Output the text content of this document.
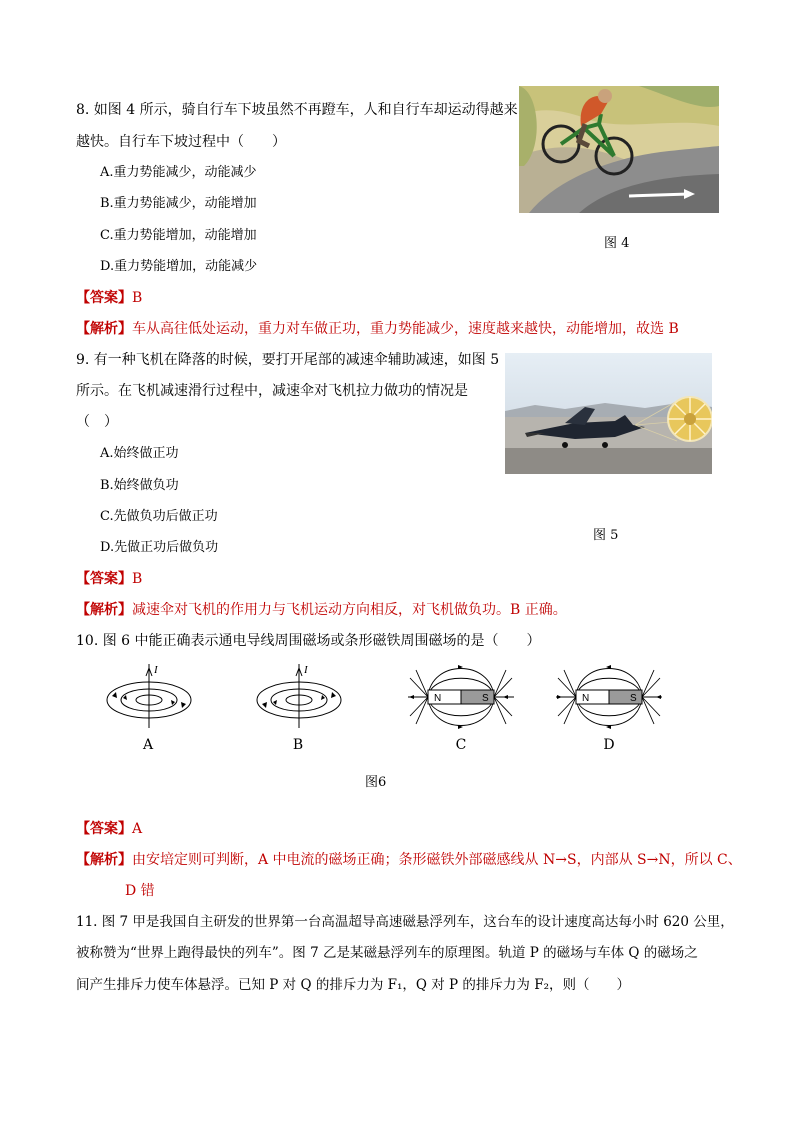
8. 如图 4 所示，骑自行车下坡虽然不再蹬车，人和自行车却运动得越来
越快。自行车下坡过程中（　　）
A.重力势能减少，动能减少
B.重力势能减少，动能增加
C.重力势能增加，动能增加
D.重力势能增加，动能减少
图 4
【答案】B
【解析】车从高往低处运动，重力对车做正功，重力势能减少，速度越来越快，动能增加，故选 B
9. 有一种飞机在降落的时候，要打开尾部的减速伞辅助减速，如图 5
所示。在飞机减速滑行过程中，减速伞对飞机拉力做功的情况是
（　）
A.始终做正功
B.始终做负功
C.先做负功后做正功
D.先做正功后做负功
图 5
【答案】B
【解析】减速伞对飞机的作用力与飞机运动方向相反，对飞机做负功。B 正确。
10. 图 6 中能正确表示通电导线周围磁场或条形磁铁周围磁场的是（　　）
I
A
I
B
N	S
C
N	S
D
图6
【答案】A
【解析】由安培定则可判断，A 中电流的磁场正确；条形磁铁外部磁感线从 N→S，内部从 S→N，所以 C、
D 错
11. 图 7 甲是我国自主研发的世界第一台高温超导高速磁悬浮列车，这台车的设计速度高达每小时 620 公里，
被称赞为“世界上跑得最快的列车”。图 7 乙是某磁悬浮列车的原理图。轨道 P 的磁场与车体 Q 的磁场之
间产生排斥力使车体悬浮。已知 P 对 Q 的排斥力为 F₁，Q 对 P 的排斥力为 F₂，则（　　）
